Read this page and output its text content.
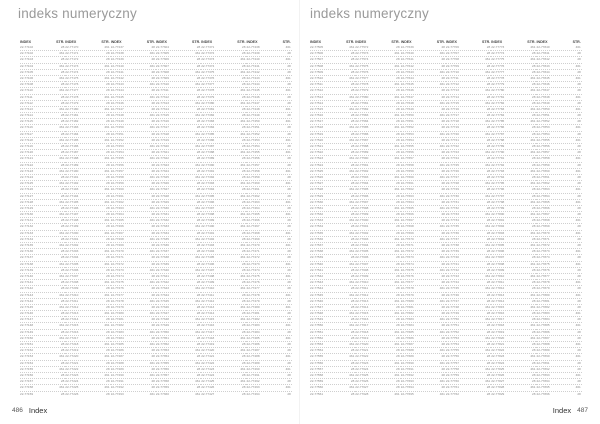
indeks numeryczny
INDEX	STR.
22-77102	28
22-77102	461
22-77103	28
22-77104	461
22-77105	28
22-77106	461
22-77108	28
22-77110	461
22-77111	28
22-77112	28
22-77113	461
22-77114	28
22-77115	28
22-77116	461
22-77117	28
22-77118	461
22-77119	28
22-77120	28
22-77121	461
22-77122	28
22-77123	461
22-77124	28
22-77125	461
22-77126	28
22-77127	28
22-77128	461
22-77129	28
22-77130	461
22-77131	28
22-77132	28
22-77133	461
22-77134	28
22-77135	461
22-77136	28
22-77137	28
22-77138	461
22-77139	28
22-77140	461
22-77141	28
22-77142	28
22-77143	461
22-77144	28
22-77145	461
22-77146	28
22-77147	28
22-77148	461
22-77149	28
22-77150	461
22-77151	28
22-77152	28
22-77153	461
22-77154	28
22-77155	461
22-77156	28
22-77157	28
22-77158	461
22-77159	28
INDEX	STR.
22-77170	461
22-77171	28
22-77172	28
22-77173	461
22-77174	28
22-77175	461
22-77176	28
22-77177	28
22-77178	461
22-77179	28
22-77180	461
22-77181	28
22-77182	28
22-77183	461
22-77184	28
22-77185	461
22-77186	28
22-77187	28
22-77188	461
22-77189	28
22-77190	461
22-77191	28
22-77192	28
22-77193	461
22-77194	28
22-77195	461
22-77196	28
22-77197	28
22-77198	461
22-77199	28
22-77200	461
22-77201	28
22-77202	28
22-77203	461
22-77204	28
22-77205	461
22-77206	28
22-77207	28
22-77208	461
22-77209	28
22-77210	461
22-77211	28
22-77212	28
22-77213	461
22-77214	28
22-77215	461
22-77216	28
22-77217	28
22-77218	461
22-77219	28
22-77220	461
22-77221	28
22-77222	28
22-77223	461
22-77224	28
22-77225	461
22-77226	28
INDEX	STR.
22-77237	28
22-77238	461
22-77239	28
22-77240	461
22-77241	28
22-77242	28
22-77243	461
22-77244	28
22-77245	461
22-77246	28
22-77247	28
22-77248	461
22-77249	28
22-77250	461
22-77251	28
22-77252	28
22-77253	461
22-77254	28
22-77255	461
22-77256	28
22-77257	28
22-77258	461
22-77259	28
22-77260	461
22-77261	28
22-77262	28
22-77263	461
22-77264	28
22-77265	461
22-77266	28
22-77267	28
22-77268	461
22-77269	28
22-77270	461
22-77271	28
22-77272	28
22-77273	461
22-77274	28
22-77275	461
22-77276	28
22-77277	28
22-77278	461
22-77279	28
22-77280	461
22-77281	28
22-77282	28
22-77283	461
22-77284	28
22-77285	461
22-77286	28
22-77287	28
22-77288	461
22-77289	28
22-77290	461
22-77291	28
22-77292	28
22-77293	461
INDEX	STR.
22-77304	28
22-77305	461
22-77306	28
22-77307	28
22-77308	461
22-77309	28
22-77310	461
22-77311	28
22-77312	28
22-77313	461
22-77314	28
22-77315	461
22-77316	28
22-77317	28
22-77318	461
22-77319	28
22-77320	461
22-77321	28
22-77322	28
22-77323	461
22-77324	28
22-77325	461
22-77326	28
22-77327	28
22-77328	461
22-77329	28
22-77330	461
22-77331	28
22-77332	28
22-77333	461
22-77334	28
22-77335	461
22-77336	28
22-77337	28
22-77338	461
22-77339	28
22-77340	461
22-77341	28
22-77342	28
22-77343	461
22-77344	28
22-77345	461
22-77346	28
22-77347	28
22-77348	461
22-77349	28
22-77350	461
22-77351	28
22-77352	28
22-77353	461
22-77354	28
22-77355	461
22-77356	28
22-77357	28
22-77358	461
22-77359	28
22-77360	461
INDEX	STR.
22-77371	28
22-77372	28
22-77373	461
22-77374	28
22-77375	461
22-77376	28
22-77377	28
22-77378	461
22-77379	28
22-77380	461
22-77381	28
22-77382	28
22-77383	461
22-77384	28
22-77385	461
22-77386	28
22-77387	28
22-77388	461
22-77389	28
22-77390	461
22-77391	28
22-77392	28
22-77393	461
22-77394	28
22-77395	461
22-77396	28
22-77397	28
22-77398	461
22-77399	28
22-77400	461
22-77401	28
22-77402	28
22-77403	461
22-77404	28
22-77405	461
22-77406	28
22-77407	28
22-77408	461
22-77409	28
22-77410	461
22-77411	28
22-77412	28
22-77413	461
22-77414	28
22-77415	461
22-77416	28
22-77417	28
22-77418	461
22-77419	28
22-77420	461
22-77421	28
22-77422	28
22-77423	461
22-77424	28
22-77425	461
22-77426	28
22-77427	28
INDEX	STR.
22-77438	461
22-77439	28
22-77440	461
22-77441	28
22-77442	28
22-77443	461
22-77444	28
22-77445	461
22-77446	28
22-77447	28
22-77448	461
22-77449	28
22-77450	461
22-77451	28
22-77452	28
22-77453	461
22-77454	28
22-77455	461
22-77456	28
22-77457	28
22-77458	461
22-77459	28
22-77460	461
22-77461	28
22-77462	28
22-77463	461
22-77464	28
22-77465	461
22-77466	28
22-77467	28
22-77468	461
22-77469	28
22-77470	461
22-77471	28
22-77472	28
22-77473	461
22-77474	28
22-77475	461
22-77476	28
22-77477	28
22-77478	461
22-77479	28
22-77480	461
22-77481	28
22-77482	28
22-77483	461
22-77484	28
22-77485	461
22-77486	28
22-77487	28
22-77488	461
22-77489	28
22-77490	461
22-77491	28
22-77492	28
22-77493	461
22-77494	28
486 Index
indeks numeryczny
INDEX	STR.
22-77505	461
22-77506	28
22-77507	28
22-77508	461
22-77509	28
22-77510	461
22-77511	28
22-77512	28
22-77513	461
22-77514	28
22-77515	461
22-77516	28
22-77517	28
22-77518	461
22-77519	28
22-77520	461
22-77521	28
22-77522	28
22-77523	461
22-77524	28
22-77525	461
22-77526	28
22-77527	28
22-77528	461
22-77529	28
22-77530	461
22-77531	28
22-77532	28
22-77533	461
22-77534	28
22-77535	461
22-77536	28
22-77537	28
22-77538	461
22-77539	28
22-77540	461
22-77541	28
22-77542	28
22-77543	461
22-77544	28
22-77545	461
22-77546	28
22-77547	28
22-77548	461
22-77549	28
22-77550	461
22-77551	28
22-77552	28
22-77553	461
22-77554	28
22-77555	461
22-77556	28
22-77557	28
22-77558	461
22-77559	28
22-77560	461
22-77561	28
INDEX	STR.
22-77572	28
22-77573	461
22-77574	28
22-77575	461
22-77576	28
22-77577	28
22-77578	461
22-77579	28
22-77580	461
22-77581	28
22-77582	28
22-77583	461
22-77584	28
22-77585	461
22-77586	28
22-77587	28
22-77588	461
22-77589	28
22-77590	461
22-77591	28
22-77592	28
22-77593	461
22-77594	28
22-77595	461
22-77596	28
22-77597	28
22-77598	461
22-77599	28
22-77600	461
22-77601	28
22-77602	28
22-77603	461
22-77604	28
22-77605	461
22-77606	28
22-77607	28
22-77608	461
22-77609	28
22-77610	461
22-77611	28
22-77612	28
22-77613	461
22-77614	28
22-77615	461
22-77616	28
22-77617	28
22-77618	461
22-77619	28
22-77620	461
22-77621	28
22-77622	28
22-77623	461
22-77624	28
22-77625	461
22-77626	28
22-77627	28
22-77628	461
INDEX	STR.
22-77639	28
22-77640	461
22-77641	28
22-77642	28
22-77643	461
22-77644	28
22-77645	461
22-77646	28
22-77647	28
22-77648	461
22-77649	28
22-77650	461
22-77651	28
22-77652	28
22-77653	461
22-77654	28
22-77655	461
22-77656	28
22-77657	28
22-77658	461
22-77659	28
22-77660	461
22-77661	28
22-77662	28
22-77663	461
22-77664	28
22-77665	461
22-77666	28
22-77667	28
22-77668	461
22-77669	28
22-77670	461
22-77671	28
22-77672	28
22-77673	461
22-77674	28
22-77675	461
22-77676	28
22-77677	28
22-77678	461
22-77679	28
22-77680	461
22-77681	28
22-77682	28
22-77683	461
22-77684	28
22-77685	461
22-77686	28
22-77687	28
22-77688	461
22-77689	28
22-77690	461
22-77691	28
22-77692	28
22-77693	461
22-77694	28
22-77695	461
INDEX	STR.
22-77706	28
22-77707	28
22-77708	461
22-77709	28
22-77710	461
22-77711	28
22-77712	28
22-77713	461
22-77714	28
22-77715	461
22-77716	28
22-77717	28
22-77718	461
22-77719	28
22-77720	461
22-77721	28
22-77722	28
22-77723	461
22-77724	28
22-77725	461
22-77726	28
22-77727	28
22-77728	461
22-77729	28
22-77730	461
22-77731	28
22-77732	28
22-77733	461
22-77734	28
22-77735	461
22-77736	28
22-77737	28
22-77738	461
22-77739	28
22-77740	461
22-77741	28
22-77742	28
22-77743	461
22-77744	28
22-77745	461
22-77746	28
22-77747	28
22-77748	461
22-77749	28
22-77750	461
22-77751	28
22-77752	28
22-77753	461
22-77754	28
22-77755	461
22-77756	28
22-77757	28
22-77758	461
22-77759	28
22-77760	461
22-77761	28
22-77762	28
INDEX	STR.
22-77773	461
22-77774	28
22-77775	461
22-77776	28
22-77777	28
22-77778	461
22-77779	28
22-77780	461
22-77781	28
22-77782	28
22-77783	461
22-77784	28
22-77785	461
22-77786	28
22-77787	28
22-77788	461
22-77789	28
22-77790	461
22-77791	28
22-77792	28
22-77793	461
22-77794	28
22-77795	461
22-77796	28
22-77797	28
22-77798	461
22-77799	28
22-77800	461
22-77801	28
22-77802	28
22-77803	461
22-77804	28
22-77805	461
22-77806	28
22-77807	28
22-77808	461
22-77809	28
22-77810	461
22-77811	28
22-77812	28
22-77813	461
22-77814	28
22-77815	461
22-77816	28
22-77817	28
22-77818	461
22-77819	28
22-77820	461
22-77821	28
22-77822	28
22-77823	461
22-77824	28
22-77825	461
22-77826	28
22-77827	28
22-77828	461
22-77829	28
INDEX	STR.
22-77840	461
22-77841	28
22-77842	28
22-77843	461
22-77844	28
22-77845	461
22-77846	28
22-77847	28
22-77848	461
22-77849	28
22-77850	461
22-77851	28
22-77852	28
22-77853	461
22-77854	28
22-77855	461
22-77856	28
22-77857	28
22-77858	461
22-77859	28
22-77860	461
22-77861	28
22-77862	28
22-77863	461
22-77864	28
22-77865	461
22-77866	28
22-77867	28
22-77868	461
22-77869	28
22-77870	461
22-77871	28
22-77872	28
22-77873	461
22-77874	28
22-77875	461
22-77876	28
22-77877	28
22-77878	461
22-77879	28
22-77880	461
22-77881	28
22-77882	28
22-77883	461
22-77884	28
22-77885	461
22-77886	28
22-77887	28
22-77888	461
22-77889	28
22-77890	461
22-77891	28
22-77892	28
22-77893	461
22-77894	28
22-77895	461
22-77896	28
Index 487
